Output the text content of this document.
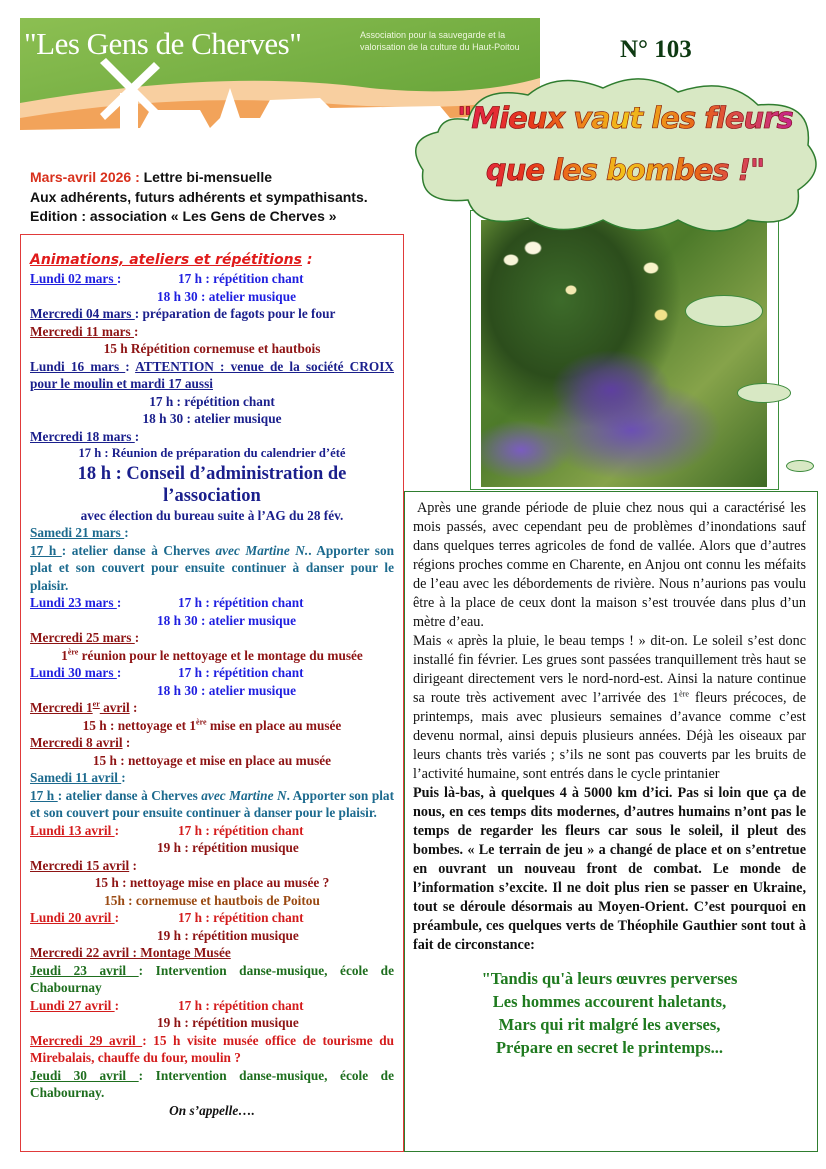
"Les Gens de Cherves"	Association pour la sauvegarde et la valorisation de la culture du Haut-Poitou	N° 103
Mars-avril 2026 : Lettre bi-mensuelle
Aux adhérents, futurs adhérents et sympathisants.
Edition : association « Les Gens de Cherves »
"Mieux vaut les fleurs
que les bombes !"
Animations, ateliers et répétitions :
Lundi 02 mars :	17 h : répétition chant
18 h 30 : atelier musique
Mercredi 04 mars : préparation de fagots pour le four
Mercredi 11 mars :
15 h Répétition cornemuse et hautbois
Lundi 16 mars : ATTENTION : venue de la société CROIX pour le moulin et mardi 17 aussi
17 h : répétition chant
18 h 30 : atelier musique
Mercredi 18 mars :
17 h : Réunion de préparation du calendrier d’été
18 h : Conseil d’administration de l’association
avec élection du bureau suite à l’AG du 28 fév.
Samedi 21 mars :
17 h : atelier danse à Cherves avec Martine N.. Apporter son plat et son couvert pour ensuite continuer à danser pour le plaisir.
Lundi 23 mars :	17 h : répétition chant
18 h 30 : atelier musique
Mercredi 25 mars :
1ère réunion pour le nettoyage et le montage du musée
Lundi 30 mars :	17 h : répétition chant
18 h 30 : atelier musique
Mercredi 1er avril :
15 h : nettoyage et 1ère mise en place au musée
Mercredi 8 avril :
15 h : nettoyage et mise en place au musée
Samedi 11 avril :
17 h : atelier danse à Cherves avec Martine N. Apporter son plat et son couvert pour ensuite continuer à danser pour le plaisir.
Lundi 13 avril :	17 h : répétition chant
19 h : répétition musique
Mercredi 15 avril :
15 h : nettoyage mise en place au musée ?
15h : cornemuse et hautbois de Poitou
Lundi 20 avril :	17 h : répétition chant
19 h : répétition musique
Mercredi 22 avril : Montage Musée
Jeudi 23 avril : Intervention danse-musique, école de Chabournay
Lundi 27 avril :	17 h : répétition chant
19 h : répétition musique
Mercredi 29 avril : 15 h visite musée office de tourisme du Mirebalais, chauffe du four, moulin ?
Jeudi 30 avril : Intervention danse-musique, école de Chabournay.
On s’appelle….

Après une grande période de pluie chez nous qui a caractérisé les mois passés, avec cependant peu de problèmes d’inondations sauf dans quelques terres agricoles de fond de vallée. Alors que d’autres régions proches comme en Charente, en Anjou ont connu les méfaits de l’eau avec les débordements de rivière. Nous n’aurions pas voulu être à la place de ceux dont la maison s’est trouvée dans plus d’un mètre d’eau.

Mais « après la pluie, le beau temps ! » dit-on. Le soleil s’est donc installé fin février. Les grues sont passées tranquillement très haut se dirigeant directement vers le nord-nord-est. Ainsi la nature continue sa route très activement avec l’arrivée des 1ère fleurs précoces, de printemps, mais avec plusieurs semaines d’avance comme c’est devenu normal, ainsi depuis plusieurs années. Déjà les oiseaux par leurs chants très variés ; s’ils ne sont pas couverts par les bruits de l’activité humaine, sont entrés dans le cycle printanier

Puis là-bas, à quelques 4 à 5000 km d’ici. Pas si loin que ça de nous, en ces temps dits modernes, d’autres humains n’ont pas le temps de regarder les fleurs car sous le soleil, il pleut des bombes. « Le terrain de jeu » a changé de place et on s’entretue en ouvrant un nouveau front de combat. Le monde de l’information s’excite. Il ne doit plus rien se passer en Ukraine, tout se déroule désormais au Moyen-Orient. C’est pourquoi en préambule, ces quelques verts de Théophile Gauthier sont tout à fait de circonstance:

"Tandis qu'à leurs œuvres perverses
Les hommes accourent haletants,
Mars qui rit malgré les averses,
Prépare en secret le printemps...
